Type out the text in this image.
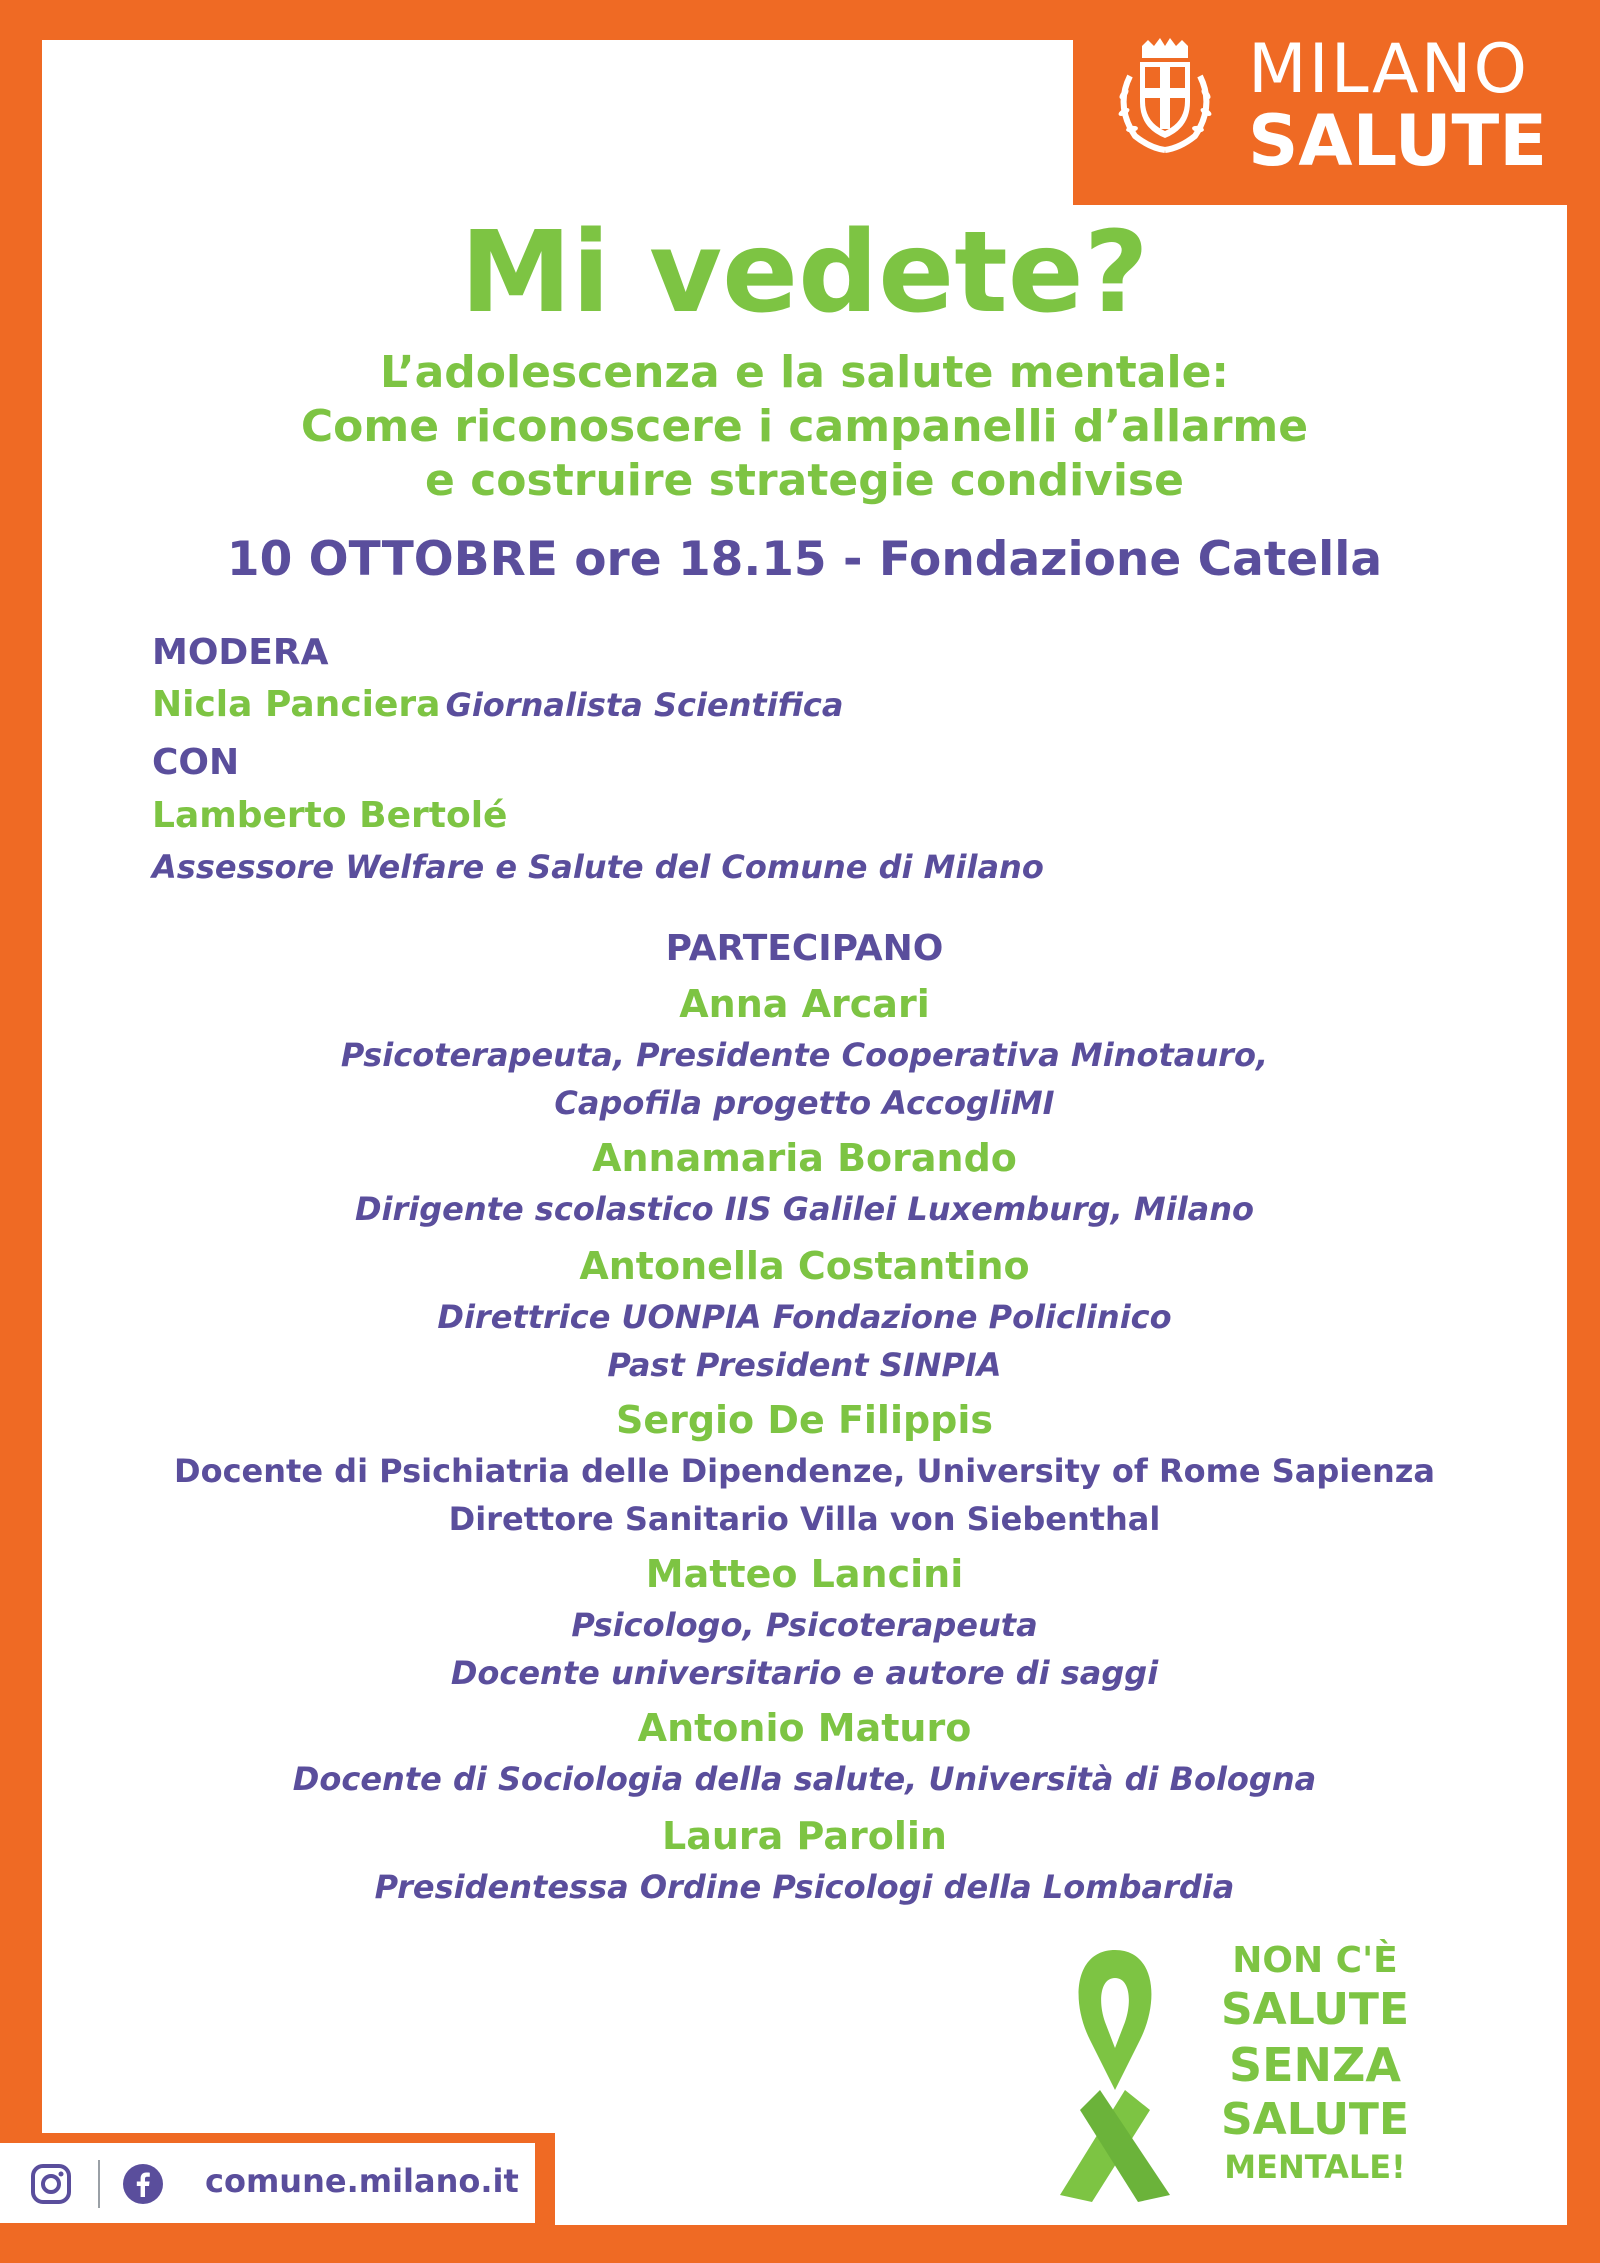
MILANO
SALUTE
Mi vedete?
L’adolescenza e la salute mentale:
Come riconoscere i campanelli d’allarme
e costruire strategie condivise
10 OTTOBRE ore 18.15 - Fondazione Catella
MODERA
Nicla Panciera Giornalista Scientifica
CON
Lamberto Bertolé
Assessore Welfare e Salute del Comune di Milano
PARTECIPANO
Anna Arcari
Psicoterapeuta, Presidente Cooperativa Minotauro,
Capofila progetto AccogliMI
Annamaria Borando
Dirigente scolastico IIS Galilei Luxemburg, Milano
Antonella Costantino
Direttrice UONPIA Fondazione Policlinico
Past President SINPIA
Sergio De Filippis
Docente di Psichiatria delle Dipendenze, University of Rome Sapienza
Direttore Sanitario Villa von Siebenthal
Matteo Lancini
Psicologo, Psicoterapeuta
Docente universitario e autore di saggi
Antonio Maturo
Docente di Sociologia della salute, Università di Bologna
Laura Parolin
Presidentessa Ordine Psicologi della Lombardia
NON C'È
SALUTE
SENZA
SALUTE
MENTALE!
comune.milano.it
